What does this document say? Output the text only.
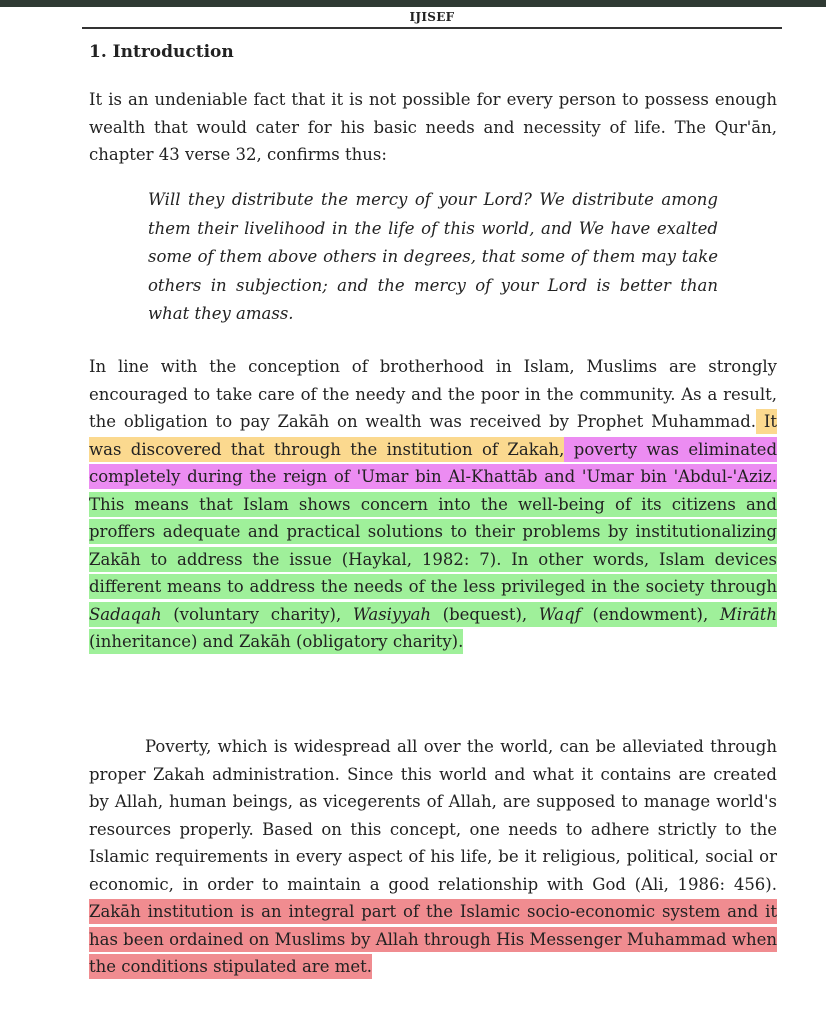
IJISEF
1. Introduction

It is an undeniable fact that it is not possible for every person to possess enough wealth that would cater for his basic needs and necessity of life. The Qur'ān, chapter 43 verse 32, confirms thus:

Will they distribute the mercy of your Lord? We distribute among them their livelihood in the life of this world, and We have exalted some of them above others in degrees, that some of them may take others in subjection; and the mercy of your Lord is better than what they amass.

In line with the conception of brotherhood in Islam, Muslims are strongly encouraged to take care of the needy and the poor in the community. As a result, the obligation to pay Zakāh on wealth was received by Prophet Muhammad. It was discovered that through the institution of Zakah, poverty was eliminated completely during the reign of 'Umar bin Al-Khattāb and 'Umar bin 'Abdul-'Aziz. This means that Islam shows concern into the well-being of its citizens and proffers adequate and practical solutions to their problems by institutionalizing Zakāh to address the issue (Haykal, 1982: 7). In other words, Islam devices different means to address the needs of the less privileged in the society through Sadaqah (voluntary charity), Wasiyyah (bequest), Waqf (endowment), Mirāth (inheritance) and Zakāh (obligatory charity).

Poverty, which is widespread all over the world, can be alleviated through proper Zakah administration. Since this world and what it contains are created by Allah, human beings, as vicegerents of Allah, are supposed to manage world's resources properly. Based on this concept, one needs to adhere strictly to the Islamic requirements in every aspect of his life, be it religious, political, social or economic, in order to maintain a good relationship with God (Ali, 1986: 456). Zakāh institution is an integral part of the Islamic socio-economic system and it has been ordained on Muslims by Allah through His Messenger Muhammad when the conditions stipulated are met.
